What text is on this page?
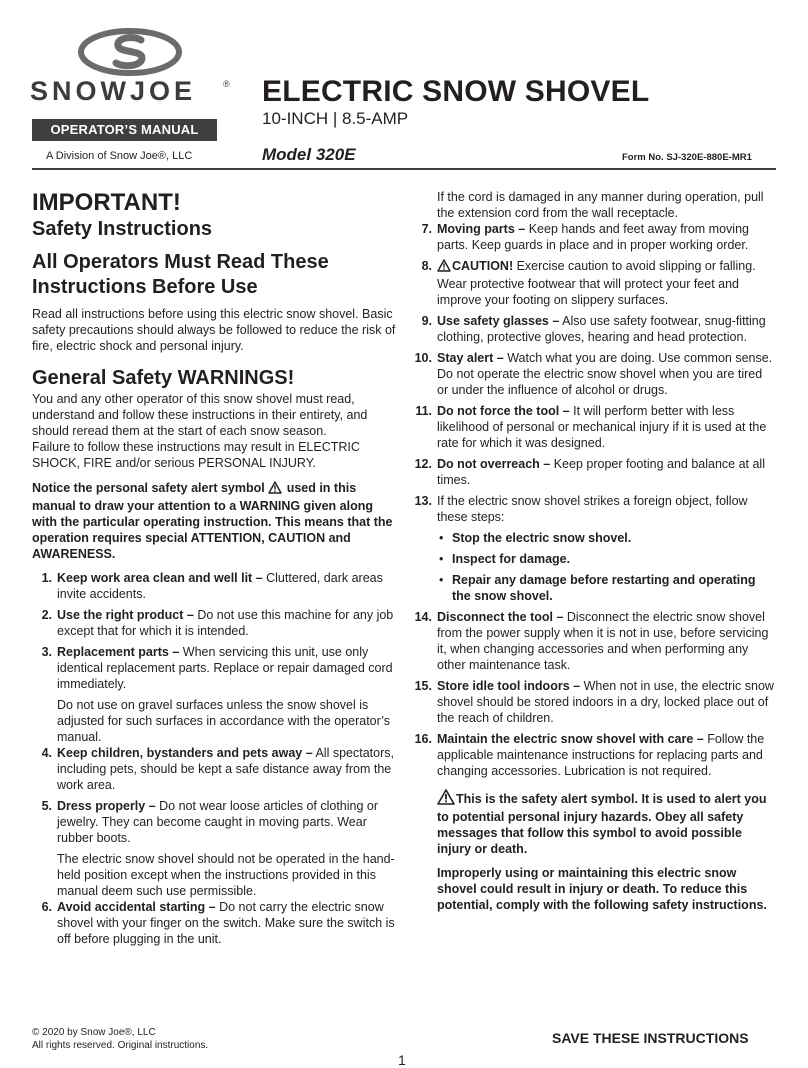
SNOWJOE	®
OPERATOR’S MANUAL
A Division of Snow Joe®, LLC
ELECTRIC SNOW SHOVEL
10-INCH | 8.5-AMP
Model 320E	Form No. SJ-320E-880E-MR1

IMPORTANT!

Safety Instructions

All Operators Must Read These Instructions Before Use

Read all instructions before using this electric snow shovel. Basic safety precautions should always be followed to reduce the risk of fire, electric shock and personal injury.

General Safety WARNINGS!

You and any other operator of this snow shovel must read, understand and follow these instructions in their entirety, and should reread them at the start of each snow season.

Failure to follow these instructions may result in ELECTRIC SHOCK, FIRE and/or serious PERSONAL INJURY.

Notice the personal safety alert symbol used in this manual to draw your attention to a WARNING given along with the particular operating instruction. This means that the operation requires special ATTENTION, CAUTION and AWARENESS.

1. Keep work area clean and well lit – Cluttered, dark areas invite accidents.
2. Use the right product – Do not use this machine for any job except that for which it is intended.
3. Replacement parts – When servicing this unit, use only identical replacement parts. Replace or repair damaged cord immediately.

Do not use on gravel surfaces unless the snow shovel is adjusted for such surfaces in accordance with the operator’s manual.

4. Keep children, bystanders and pets away – All spectators, including pets, should be kept a safe distance away from the work area.
5. Dress properly – Do not wear loose articles of clothing or jewelry. They can become caught in moving parts. Wear rubber boots.

The electric snow shovel should not be operated in the hand-held position except when the instructions provided in this manual deem such use permissible.

6. Avoid accidental starting – Do not carry the electric snow shovel with your finger on the switch. Make sure the switch is off before plugging in the unit.

If the cord is damaged in any manner during operation, pull the extension cord from the wall receptacle.

7. Moving parts – Keep hands and feet away from moving parts. Keep guards in place and in proper working order.
8. CAUTION! Exercise caution to avoid slipping or falling. Wear protective footwear that will protect your feet and improve your footing on slippery surfaces.
9. Use safety glasses – Also use safety footwear, snug-fitting clothing, protective gloves, hearing and head protection.
10. Stay alert – Watch what you are doing. Use common sense. Do not operate the electric snow shovel when you are tired or under the influence of alcohol or drugs.
11. Do not force the tool – It will perform better with less likelihood of personal or mechanical injury if it is used at the rate for which it was designed.
12. Do not overreach – Keep proper footing and balance at all times.
13. If the electric snow shovel strikes a foreign object, follow these steps:
• Stop the electric snow shovel.
• Inspect for damage.
• Repair any damage before restarting and operating the snow shovel.
14. Disconnect the tool – Disconnect the electric snow shovel from the power supply when it is not in use, before servicing it, when changing accessories and when performing any other maintenance task.
15. Store idle tool indoors – When not in use, the electric snow shovel should be stored indoors in a dry, locked place out of the reach of children.
16. Maintain the electric snow shovel with care – Follow the applicable maintenance instructions for replacing parts and changing accessories. Lubrication is not required.

This is the safety alert symbol. It is used to alert you to potential personal injury hazards. Obey all safety messages that follow this symbol to avoid possible injury or death.

Improperly using or maintaining this electric snow shovel could result in injury or death. To reduce this potential, comply with the following safety instructions.

© 2020 by Snow Joe®, LLC
All rights reserved. Original instructions.	SAVE THESE INSTRUCTIONS
1
